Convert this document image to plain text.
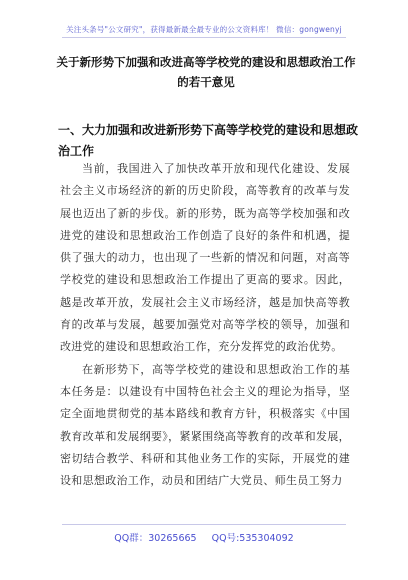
关注头条号"公文研究"，获得最新最全最专业的公文资料库！ 微信：gongwenyj
关于新形势下加强和改进高等学校党的建设和思想政治工作的若干意见
一、大力加强和改进新形势下高等学校党的建设和思想政治工作

当前，我国进入了加快改革开放和现代化建设、发展社会主义市场经济的新的历史阶段，高等教育的改革与发展也迈出了新的步伐。新的形势，既为高等学校加强和改进党的建设和思想政治工作创造了良好的条件和机遇，提供了强大的动力，也出现了一些新的情况和问题，对高等学校党的建设和思想政治工作提出了更高的要求。因此，越是改革开放，发展社会主义市场经济，越是加快高等教育的改革与发展，越要加强党对高等学校的领导，加强和改进党的建设和思想政治工作，充分发挥党的政治优势。

在新形势下，高等学校党的建设和思想政治工作的基本任务是：以建设有中国特色社会主义的理论为指导，坚定全面地贯彻党的基本路线和教育方针，积极落实《中国教育改革和发展纲要》，紧紧围绕高等教育的改革和发展，密切结合教学、科研和其他业务工作的实际，开展党的建设和思想政治工作，动员和团结广大党员、师生员工努力

QQ群：30265665 QQ号:535304092
